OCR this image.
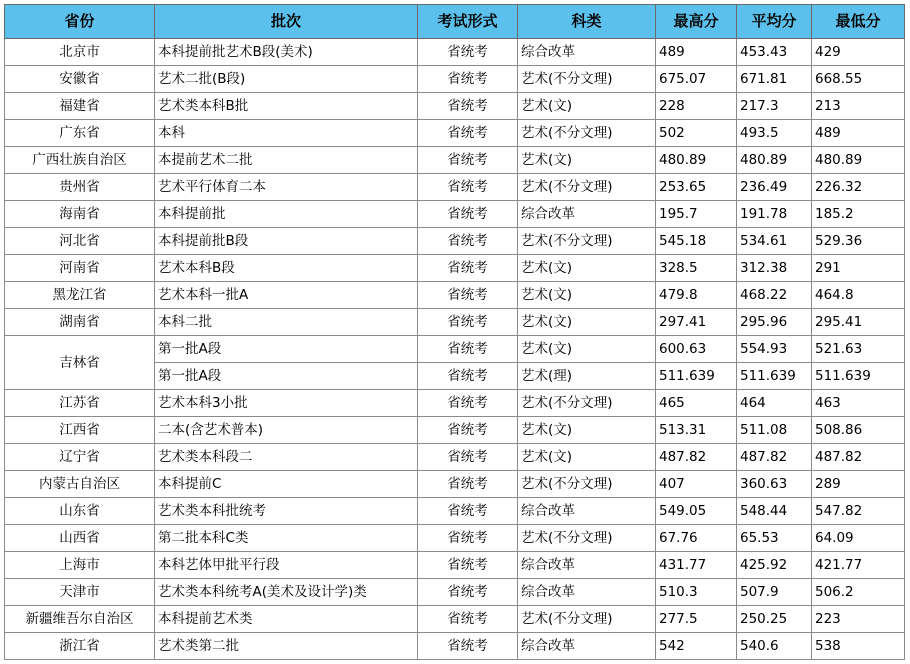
省份	批次	考试形式	科类	最高分	平均分	最低分
北京市	本科提前批艺术B段(美术)	省统考	综合改革	489	453.43	429
安徽省	艺术二批(B段)	省统考	艺术(不分文理)	675.07	671.81	668.55
福建省	艺术类本科B批	省统考	艺术(文)	228	217.3	213
广东省	本科	省统考	艺术(不分文理)	502	493.5	489
广西壮族自治区	本提前艺术二批	省统考	艺术(文)	480.89	480.89	480.89
贵州省	艺术平行体育二本	省统考	艺术(不分文理)	253.65	236.49	226.32
海南省	本科提前批	省统考	综合改革	195.7	191.78	185.2
河北省	本科提前批B段	省统考	艺术(不分文理)	545.18	534.61	529.36
河南省	艺术本科B段	省统考	艺术(文)	328.5	312.38	291
黑龙江省	艺术本科一批A	省统考	艺术(文)	479.8	468.22	464.8
湖南省	本科二批	省统考	艺术(文)	297.41	295.96	295.41
吉林省	第一批A段	省统考	艺术(文)	600.63	554.93	521.63
	第一批A段	省统考	艺术(理)	511.639	511.639	511.639
江苏省	艺术本科3小批	省统考	艺术(不分文理)	465	464	463
江西省	二本(含艺术普本)	省统考	艺术(文)	513.31	511.08	508.86
辽宁省	艺术类本科段二	省统考	艺术(文)	487.82	487.82	487.82
内蒙古自治区	本科提前C	省统考	艺术(不分文理)	407	360.63	289
山东省	艺术类本科批统考	省统考	综合改革	549.05	548.44	547.82
山西省	第二批本科C类	省统考	艺术(不分文理)	67.76	65.53	64.09
上海市	本科艺体甲批平行段	省统考	综合改革	431.77	425.92	421.77
天津市	艺术类本科统考A(美术及设计学)类	省统考	综合改革	510.3	507.9	506.2
新疆维吾尔自治区	本科提前艺术类	省统考	艺术(不分文理)	277.5	250.25	223
浙江省	艺术类第二批	省统考	综合改革	542	540.6	538
